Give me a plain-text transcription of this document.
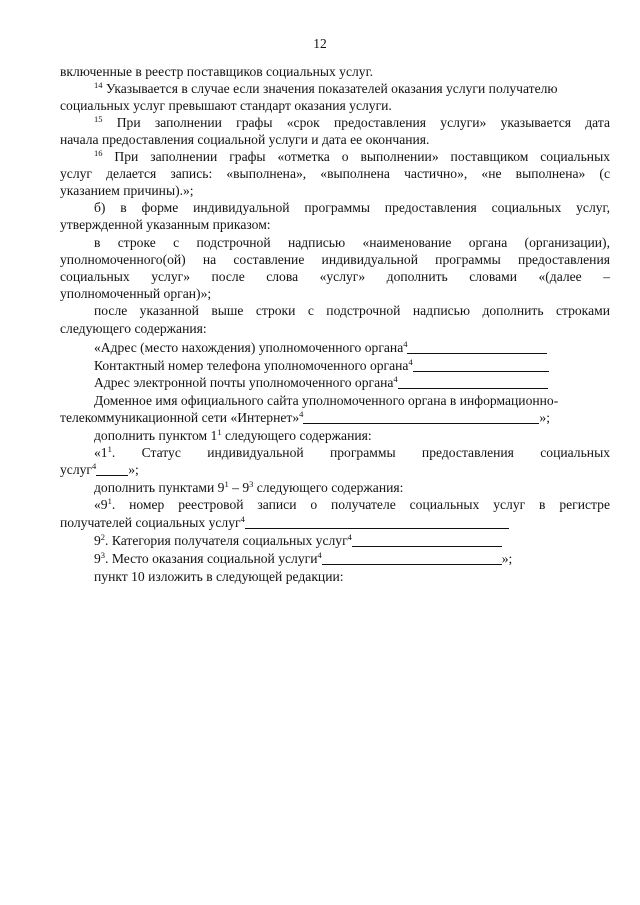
12
включенные в реестр поставщиков социальных услуг.
$^{14}$ Указывается в случае если значения показателей оказания услуги получателю
социальных услуг превышают стандарт оказания услуги.
$^{15}$ При заполнении графы «срок предоставления услуги» указывается дата
начала предоставления социальной услуги и дата ее окончания.
$^{16}$ При заполнении графы «отметка о выполнении» поставщиком социальных
услуг делается запись: «выполнена», «выполнена частично», «не выполнена» (с
указанием причины).»;
б) в форме индивидуальной программы предоставления социальных услуг,
утвержденной указанным приказом:
в строке с подстрочной надписью «наименование органа (организации),
уполномоченного(ой) на составление индивидуальной программы предоставления
социальных услуг» после слова «услуг» дополнить словами «(далее –
уполномоченный орган)»;
после указанной выше строки с подстрочной надписью дополнить строками
следующего содержания:
«Адрес (место нахождения) уполномоченного органа$^4$
Контактный номер телефона уполномоченного органа$^4$
Адрес электронной почты уполномоченного органа$^4$
Доменное имя официального сайта уполномоченного органа в информационно-
телекоммуникационной сети «Интернет»$^4$	»;
дополнить пунктом $1^1$ следующего содержания:
«$1^1$. Статус индивидуальной программы предоставления социальных
услуг$^4$ »;
дополнить пунктами $9^1 - 9^3$ следующего содержания:
«$9^1$. номер реестровой записи о получателе социальных услуг в регистре
получателей социальных услуг$^4$
$9^2$. Категория получателя социальных услуг$^4$
$9^3$. Место оказания социальной услуги$^4$	»;
пункт 10 изложить в следующей редакции:
